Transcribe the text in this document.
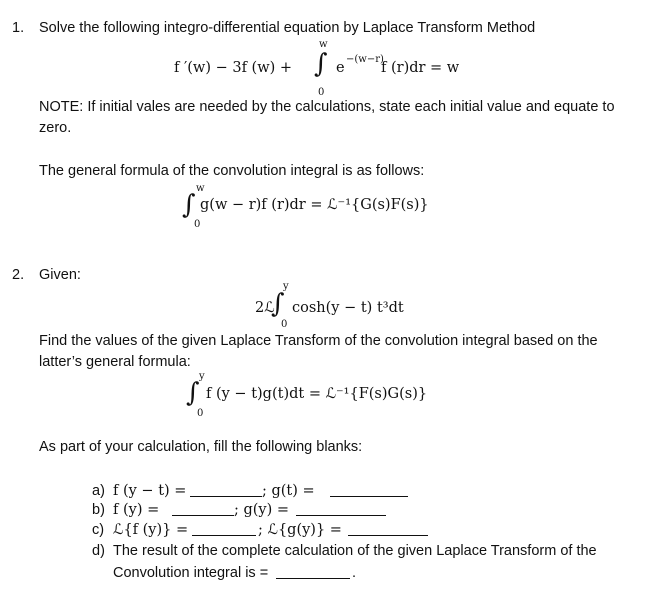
1. Solve the following integro-differential equation by Laplace Transform Method
f ′(w) − 3f (w) +
w
∫
0
e
−(w−r)
f (r)dr = w
NOTE: If initial vales are needed by the calculations, state each initial value and equate to zero.
The general formula of the convolution integral is as follows:
w
∫
0
g(w − r)f (r)dr = ℒ⁻¹{G(s)F(s)}
2. Given:
2ℒ
y
∫
0
cosh(y − t) t³dt
Find the values of the given Laplace Transform of the convolution integral based on the latter’s general formula:
y
∫
0
f (y − t)g(t)dt = ℒ⁻¹{F(s)G(s)}
As part of your calculation, fill the following blanks:
a) f (y − t) =	; g(t) =
b) f (y) =	; g(y) =
c) ℒ{f (y)} =	; ℒ{g(y)} =
d) The result of the complete calculation of the given Laplace Transform of the
Convolution integral is =	.
